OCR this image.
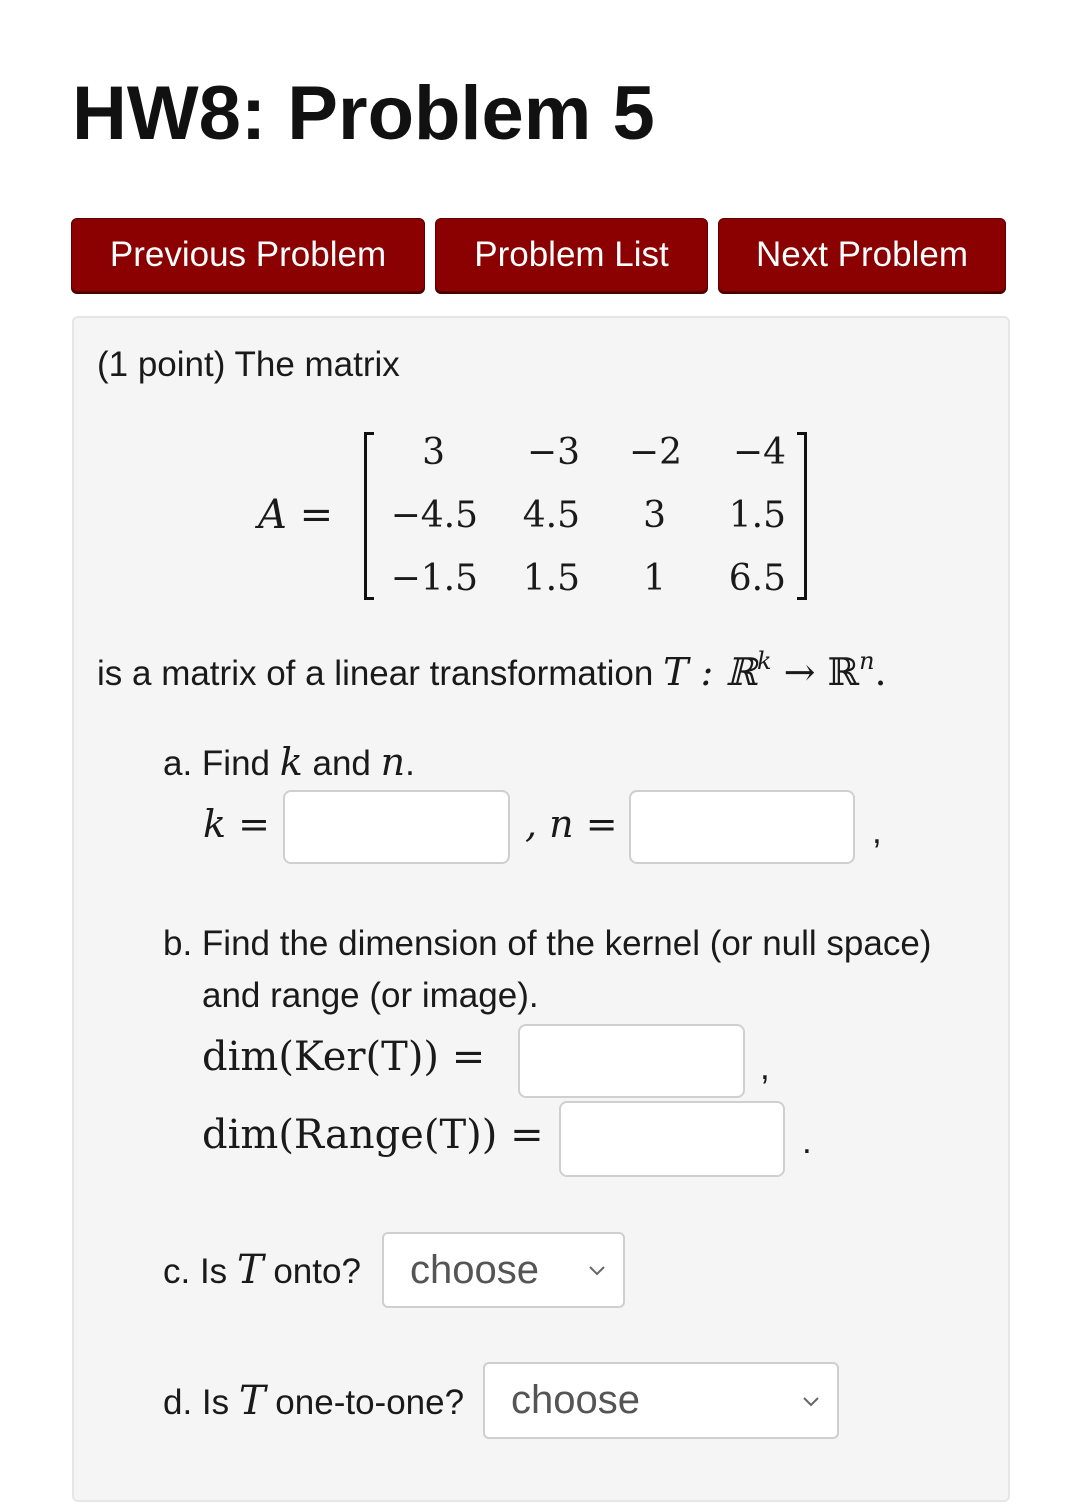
HW8: Problem 5
Previous Problem	Problem List	Next Problem
(1 point) The matrix
A =
3	−3	−2	−4
−4.5	4.5	3	1.5
−1.5	1.5	1	6.5
is a matrix of a linear transformation T : ℝ$^k$ → ℝ$^n$.
a. Find k and n.
k =	, n =	,
b. Find the dimension of the kernel (or null space)
and range (or image).
dim(Ker(T)) =	,
dim(Range(T)) =	.
c. Is T onto? choose
d. Is T one-to-one? choose
